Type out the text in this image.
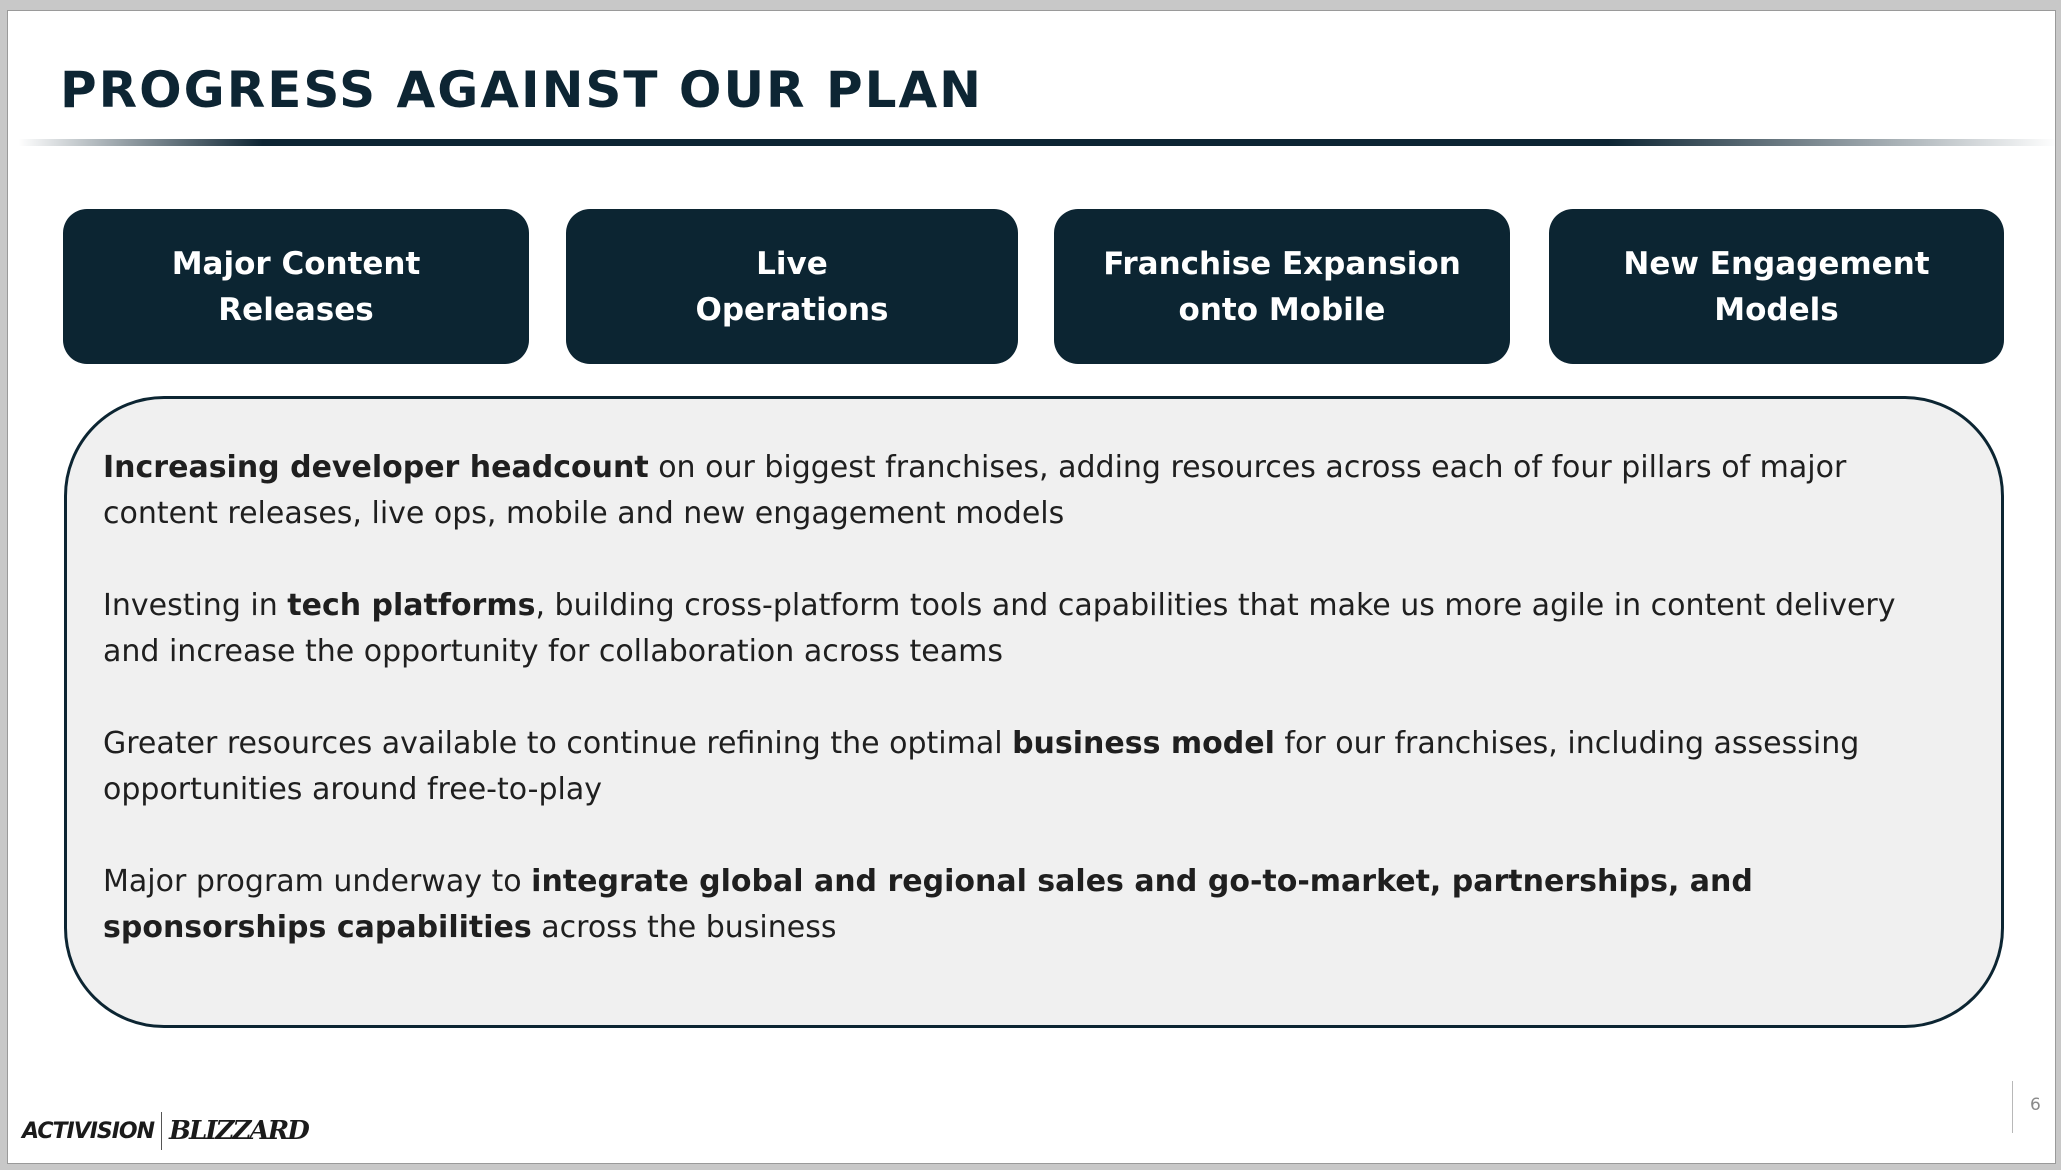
PROGRESS AGAINST OUR PLAN
Major Content
Releases
Live
Operations
Franchise Expansion
onto Mobile
New Engagement
Models

Increasing developer headcount on our biggest franchises, adding resources across each of four pillars of major content releases, live ops, mobile and new engagement models

Investing in tech platforms, building cross-platform tools and capabilities that make us more agile in content delivery and increase the opportunity for collaboration across teams

Greater resources available to continue refining the optimal business model for our franchises, including assessing opportunities around free-to-play

Major program underway to integrate global and regional sales and go-to-market, partnerships, and sponsorships capabilities across the business

ACTIVISION BLIZZARD
6
